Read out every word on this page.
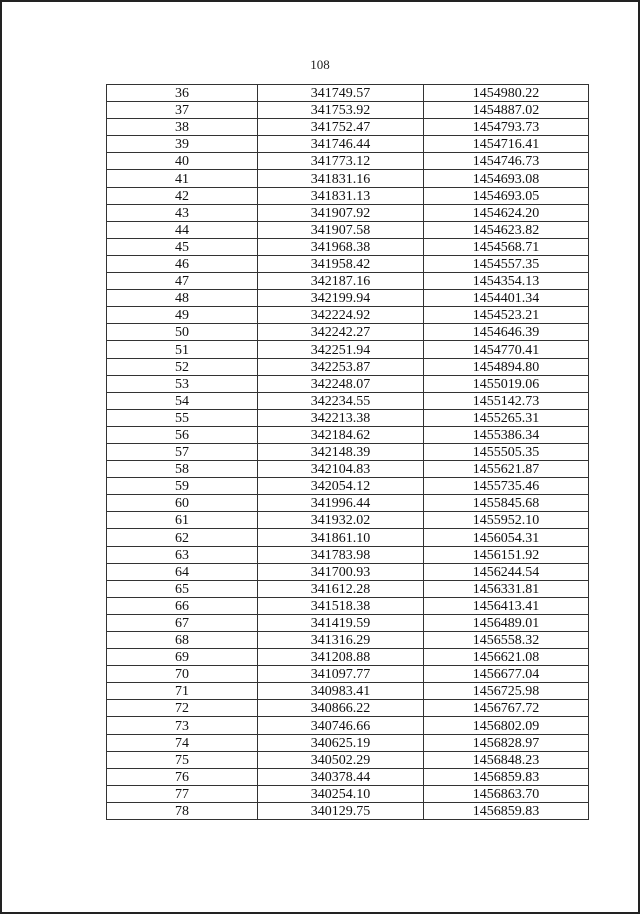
108
36	341749.57	1454980.22
37	341753.92	1454887.02
38	341752.47	1454793.73
39	341746.44	1454716.41
40	341773.12	1454746.73
41	341831.16	1454693.08
42	341831.13	1454693.05
43	341907.92	1454624.20
44	341907.58	1454623.82
45	341968.38	1454568.71
46	341958.42	1454557.35
47	342187.16	1454354.13
48	342199.94	1454401.34
49	342224.92	1454523.21
50	342242.27	1454646.39
51	342251.94	1454770.41
52	342253.87	1454894.80
53	342248.07	1455019.06
54	342234.55	1455142.73
55	342213.38	1455265.31
56	342184.62	1455386.34
57	342148.39	1455505.35
58	342104.83	1455621.87
59	342054.12	1455735.46
60	341996.44	1455845.68
61	341932.02	1455952.10
62	341861.10	1456054.31
63	341783.98	1456151.92
64	341700.93	1456244.54
65	341612.28	1456331.81
66	341518.38	1456413.41
67	341419.59	1456489.01
68	341316.29	1456558.32
69	341208.88	1456621.08
70	341097.77	1456677.04
71	340983.41	1456725.98
72	340866.22	1456767.72
73	340746.66	1456802.09
74	340625.19	1456828.97
75	340502.29	1456848.23
76	340378.44	1456859.83
77	340254.10	1456863.70
78	340129.75	1456859.83
